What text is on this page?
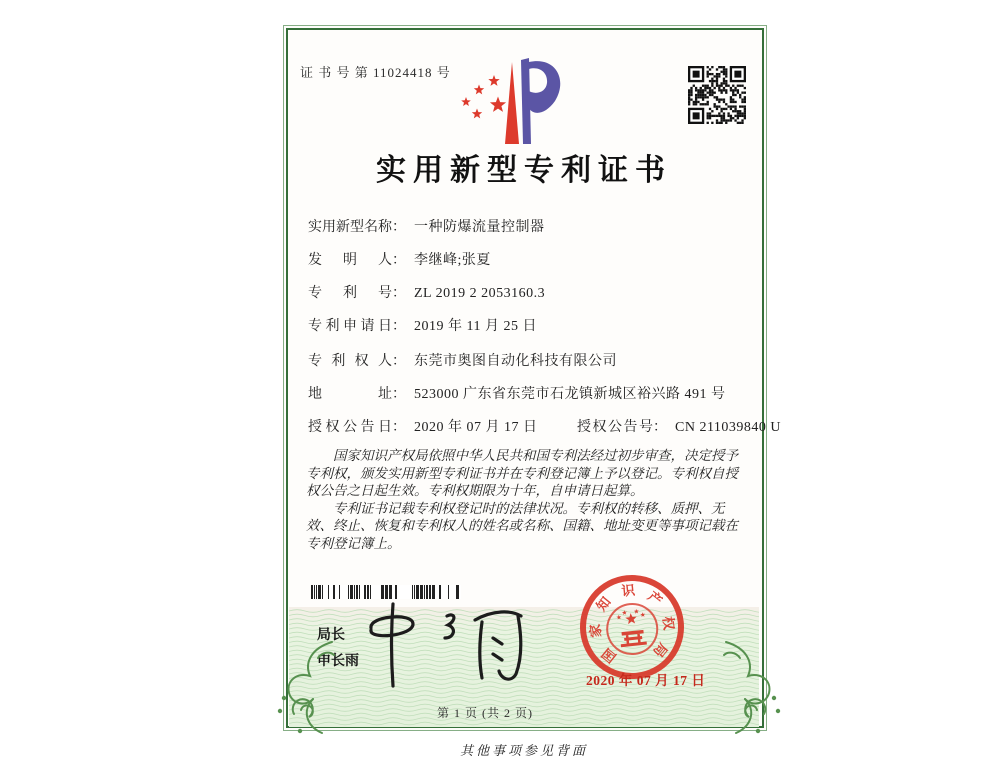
证 书 号 第 11024418 号
实用新型专利证书
实用新型名称： 一种防爆流量控制器
发明人： 李继峰;张夏
专利号： ZL 2019 2 2053160.3
专利申请日： 2019 年 11 月 25 日
专利权人： 东莞市奥图自动化科技有限公司
地址： 523000 广东省东莞市石龙镇新城区裕兴路 491 号
授权公告日： 2020 年 07 月 17 日	授权公告号： CN 211039840 U

国家知识产权局依照中华人民共和国专利法经过初步审查，决定授予专利权，颁发实用新型专利证书并在专利登记簿上予以登记。专利权自授权公告之日起生效。专利权期限为十年，自申请日起算。

专利证书记载专利权登记时的法律状况。专利权的转移、质押、无效、终止、恢复和专利权人的姓名或名称、国籍、地址变更等事项记载在专利登记簿上。

局长
申长雨	国
家
知
识 产
权
局
2020 年 07 月 17 日
第 1 页 (共 2 页)
其他事项参见背面
